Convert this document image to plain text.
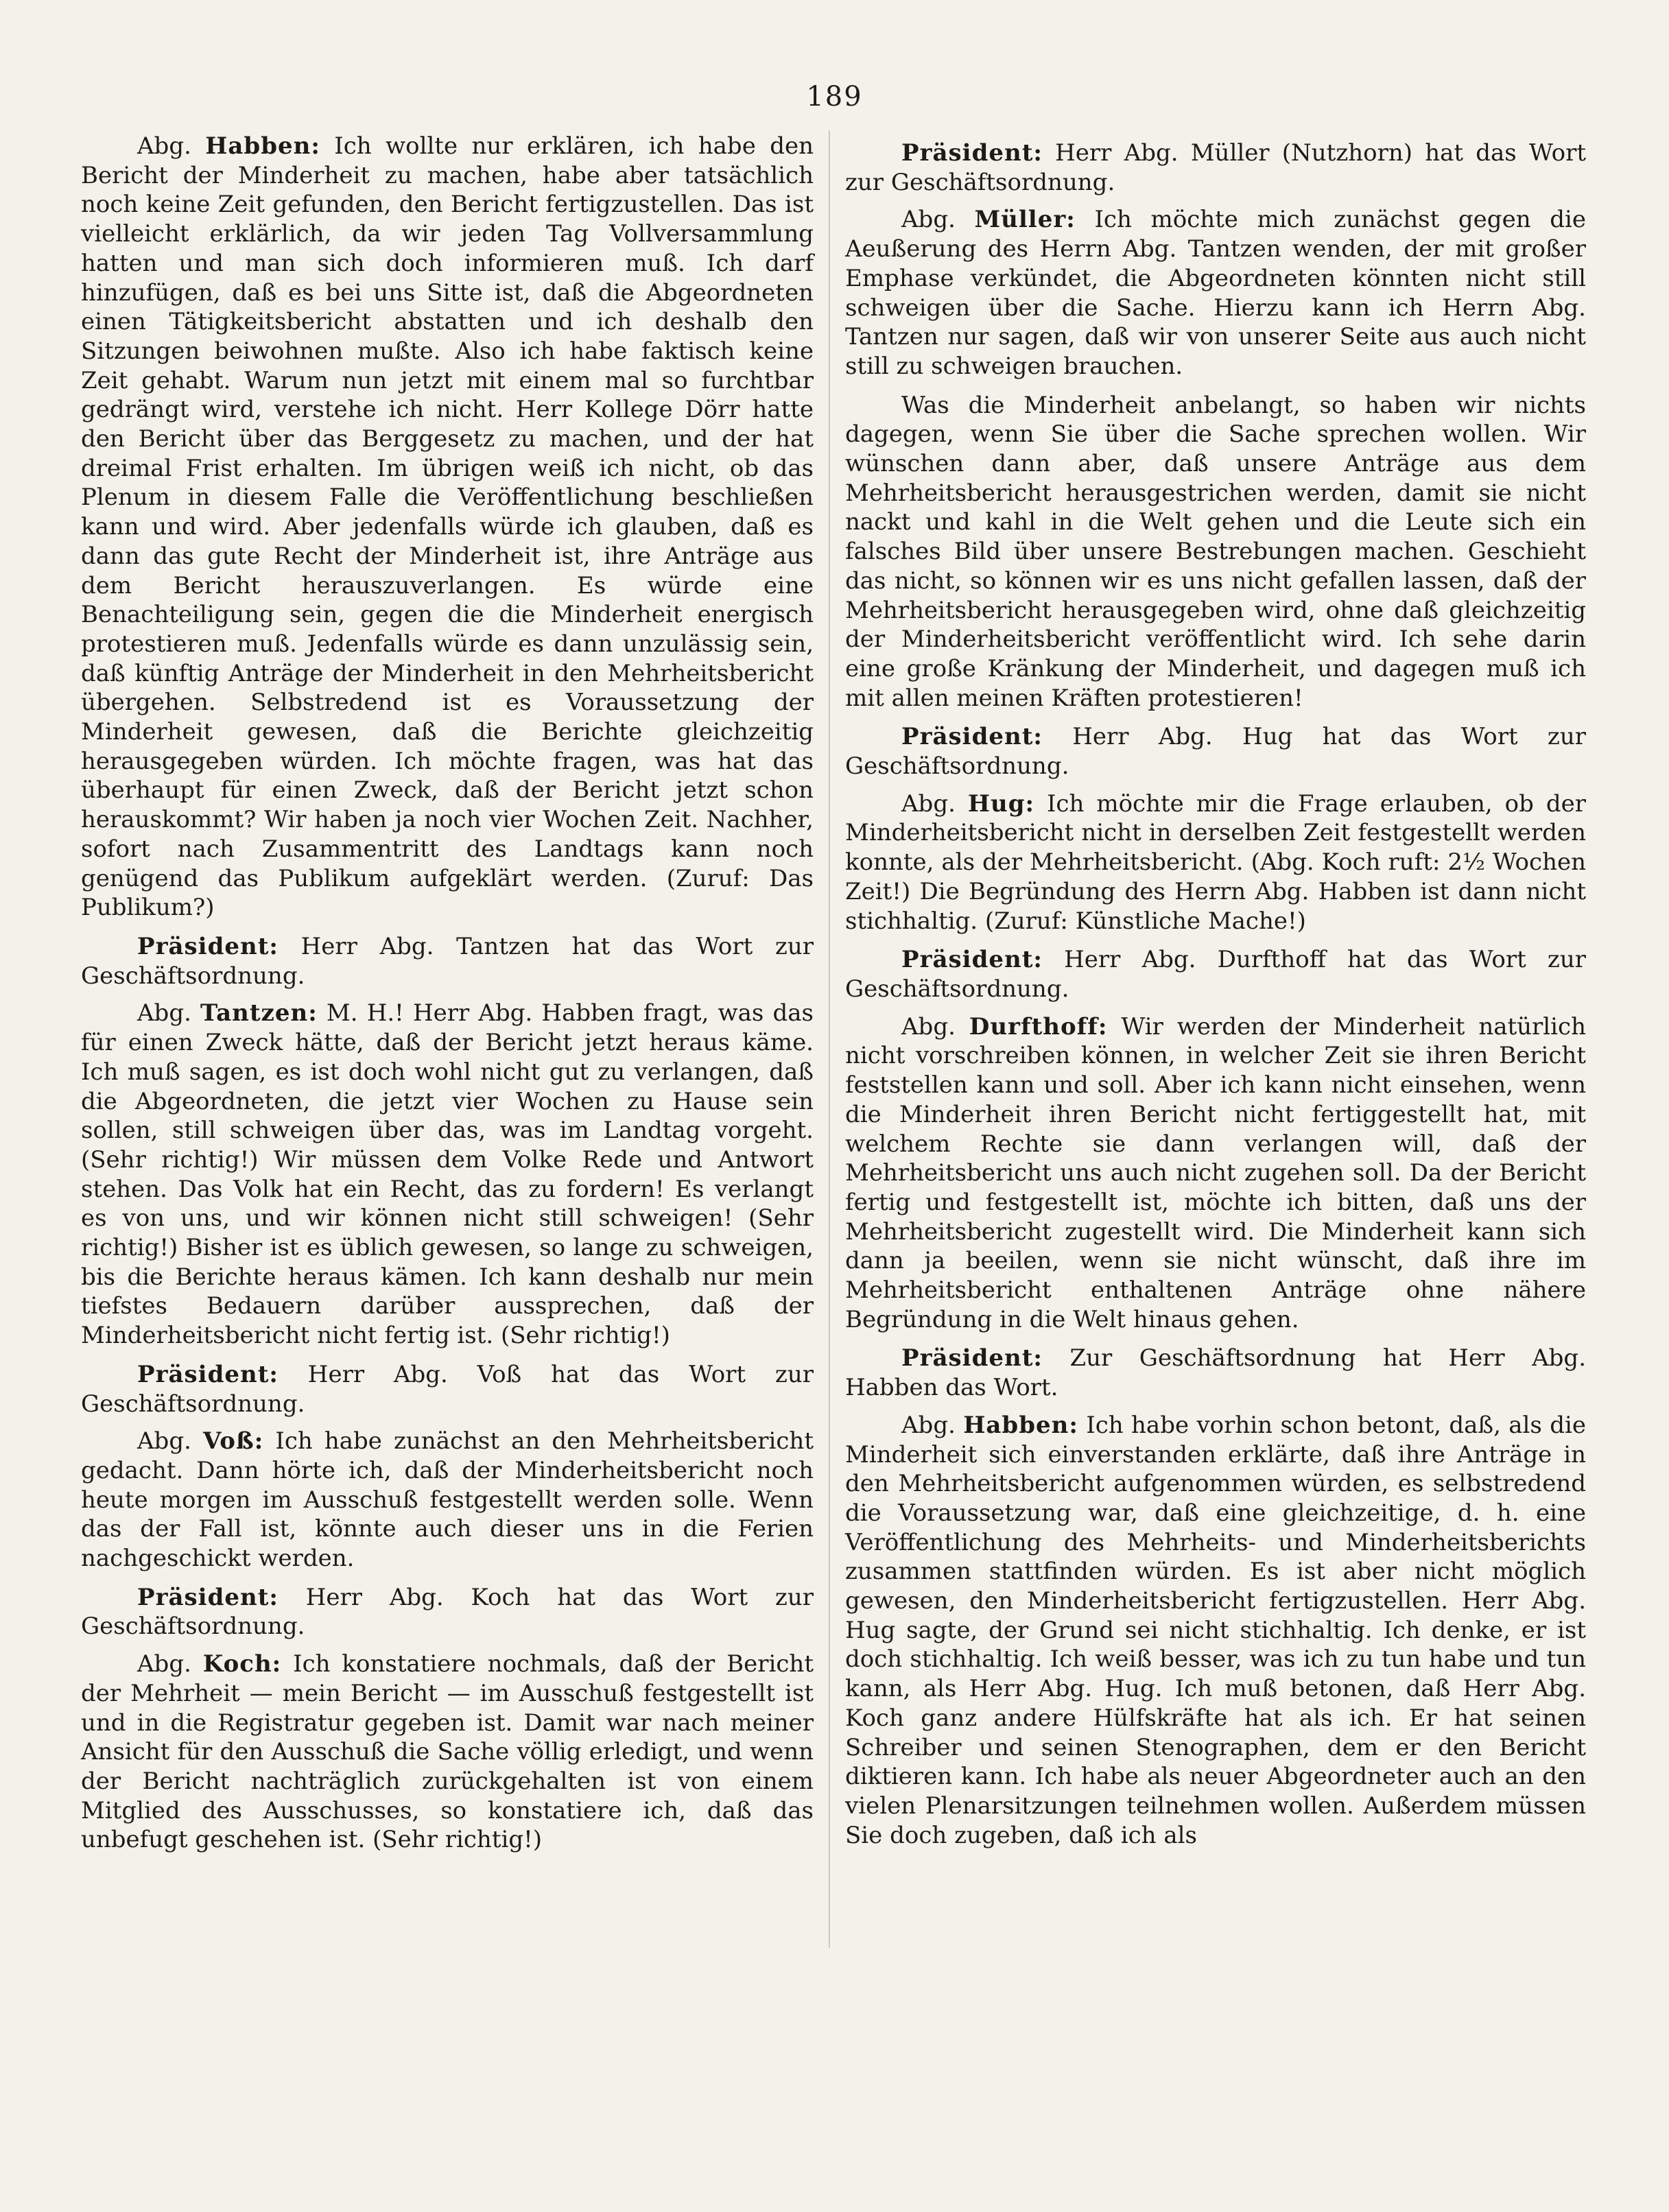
189

Abg. Habben: Ich wollte nur erklären, ich habe den Bericht der Minderheit zu machen, habe aber tatsächlich noch keine Zeit gefunden, den Bericht fertigzustellen. Das ist vielleicht erklärlich, da wir jeden Tag Vollversammlung hatten und man sich doch informieren muß. Ich darf hinzufügen, daß es bei uns Sitte ist, daß die Abgeordneten einen Tätigkeitsbericht abstatten und ich deshalb den Sitzungen beiwohnen mußte. Also ich habe faktisch keine Zeit gehabt. Warum nun jetzt mit einem mal so furchtbar gedrängt wird, verstehe ich nicht. Herr Kollege Dörr hatte den Bericht über das Berggesetz zu machen, und der hat dreimal Frist erhalten. Im übrigen weiß ich nicht, ob das Plenum in diesem Falle die Veröffentlichung beschließen kann und wird. Aber jedenfalls würde ich glauben, daß es dann das gute Recht der Minderheit ist, ihre Anträge aus dem Bericht herauszuverlangen. Es würde eine Benachteiligung sein, gegen die die Minderheit energisch protestieren muß. Jedenfalls würde es dann unzulässig sein, daß künftig Anträge der Minderheit in den Mehrheitsbericht übergehen. Selbstredend ist es Voraussetzung der Minderheit gewesen, daß die Berichte gleichzeitig herausgegeben würden. Ich möchte fragen, was hat das überhaupt für einen Zweck, daß der Bericht jetzt schon herauskommt? Wir haben ja noch vier Wochen Zeit. Nachher, sofort nach Zusammentritt des Landtags kann noch genügend das Publikum aufgeklärt werden. (Zuruf: Das Publikum?)

Präsident: Herr Abg. Tantzen hat das Wort zur Geschäftsordnung.

Abg. Tantzen: M. H.! Herr Abg. Habben fragt, was das für einen Zweck hätte, daß der Bericht jetzt heraus käme. Ich muß sagen, es ist doch wohl nicht gut zu verlangen, daß die Abgeordneten, die jetzt vier Wochen zu Hause sein sollen, still schweigen über das, was im Landtag vorgeht. (Sehr richtig!) Wir müssen dem Volke Rede und Antwort stehen. Das Volk hat ein Recht, das zu fordern! Es verlangt es von uns, und wir können nicht still schweigen! (Sehr richtig!) Bisher ist es üblich gewesen, so lange zu schweigen, bis die Berichte heraus kämen. Ich kann deshalb nur mein tiefstes Bedauern darüber aussprechen, daß der Minderheitsbericht nicht fertig ist. (Sehr richtig!)

Präsident: Herr Abg. Voß hat das Wort zur Geschäftsordnung.

Abg. Voß: Ich habe zunächst an den Mehrheitsbericht gedacht. Dann hörte ich, daß der Minderheitsbericht noch heute morgen im Ausschuß festgestellt werden solle. Wenn das der Fall ist, könnte auch dieser uns in die Ferien nachgeschickt werden.

Präsident: Herr Abg. Koch hat das Wort zur Geschäftsordnung.

Abg. Koch: Ich konstatiere nochmals, daß der Bericht der Mehrheit — mein Bericht — im Ausschuß festgestellt ist und in die Registratur gegeben ist. Damit war nach meiner Ansicht für den Ausschuß die Sache völlig erledigt, und wenn der Bericht nachträglich zurückgehalten ist von einem Mitglied des Ausschusses, so konstatiere ich, daß das unbefugt geschehen ist. (Sehr richtig!)

Präsident: Herr Abg. Müller (Nutzhorn) hat das Wort zur Geschäftsordnung.

Abg. Müller: Ich möchte mich zunächst gegen die Aeußerung des Herrn Abg. Tantzen wenden, der mit großer Emphase verkündet, die Abgeordneten könnten nicht still schweigen über die Sache. Hierzu kann ich Herrn Abg. Tantzen nur sagen, daß wir von unserer Seite aus auch nicht still zu schweigen brauchen.

Was die Minderheit anbelangt, so haben wir nichts dagegen, wenn Sie über die Sache sprechen wollen. Wir wünschen dann aber, daß unsere Anträge aus dem Mehrheitsbericht herausgestrichen werden, damit sie nicht nackt und kahl in die Welt gehen und die Leute sich ein falsches Bild über unsere Bestrebungen machen. Geschieht das nicht, so können wir es uns nicht gefallen lassen, daß der Mehrheitsbericht herausgegeben wird, ohne daß gleichzeitig der Minderheitsbericht veröffentlicht wird. Ich sehe darin eine große Kränkung der Minderheit, und dagegen muß ich mit allen meinen Kräften protestieren!

Präsident: Herr Abg. Hug hat das Wort zur Geschäftsordnung.

Abg. Hug: Ich möchte mir die Frage erlauben, ob der Minderheitsbericht nicht in derselben Zeit festgestellt werden konnte, als der Mehrheitsbericht. (Abg. Koch ruft: 2½ Wochen Zeit!) Die Begründung des Herrn Abg. Habben ist dann nicht stichhaltig. (Zuruf: Künstliche Mache!)

Präsident: Herr Abg. Durfthoff hat das Wort zur Geschäftsordnung.

Abg. Durfthoff: Wir werden der Minderheit natürlich nicht vorschreiben können, in welcher Zeit sie ihren Bericht feststellen kann und soll. Aber ich kann nicht einsehen, wenn die Minderheit ihren Bericht nicht fertiggestellt hat, mit welchem Rechte sie dann verlangen will, daß der Mehrheitsbericht uns auch nicht zugehen soll. Da der Bericht fertig und festgestellt ist, möchte ich bitten, daß uns der Mehrheitsbericht zugestellt wird. Die Minderheit kann sich dann ja beeilen, wenn sie nicht wünscht, daß ihre im Mehrheitsbericht enthaltenen Anträge ohne nähere Begründung in die Welt hinaus gehen.

Präsident: Zur Geschäftsordnung hat Herr Abg. Habben das Wort.

Abg. Habben: Ich habe vorhin schon betont, daß, als die Minderheit sich einverstanden erklärte, daß ihre Anträge in den Mehrheitsbericht aufgenommen würden, es selbstredend die Voraussetzung war, daß eine gleichzeitige, d. h. eine Veröffentlichung des Mehrheits- und Minderheitsberichts zusammen stattfinden würden. Es ist aber nicht möglich gewesen, den Minderheitsbericht fertigzustellen. Herr Abg. Hug sagte, der Grund sei nicht stichhaltig. Ich denke, er ist doch stichhaltig. Ich weiß besser, was ich zu tun habe und tun kann, als Herr Abg. Hug. Ich muß betonen, daß Herr Abg. Koch ganz andere Hülfskräfte hat als ich. Er hat seinen Schreiber und seinen Stenographen, dem er den Bericht diktieren kann. Ich habe als neuer Abgeordneter auch an den vielen Plenarsitzungen teilnehmen wollen. Außerdem müssen Sie doch zugeben, daß ich als
